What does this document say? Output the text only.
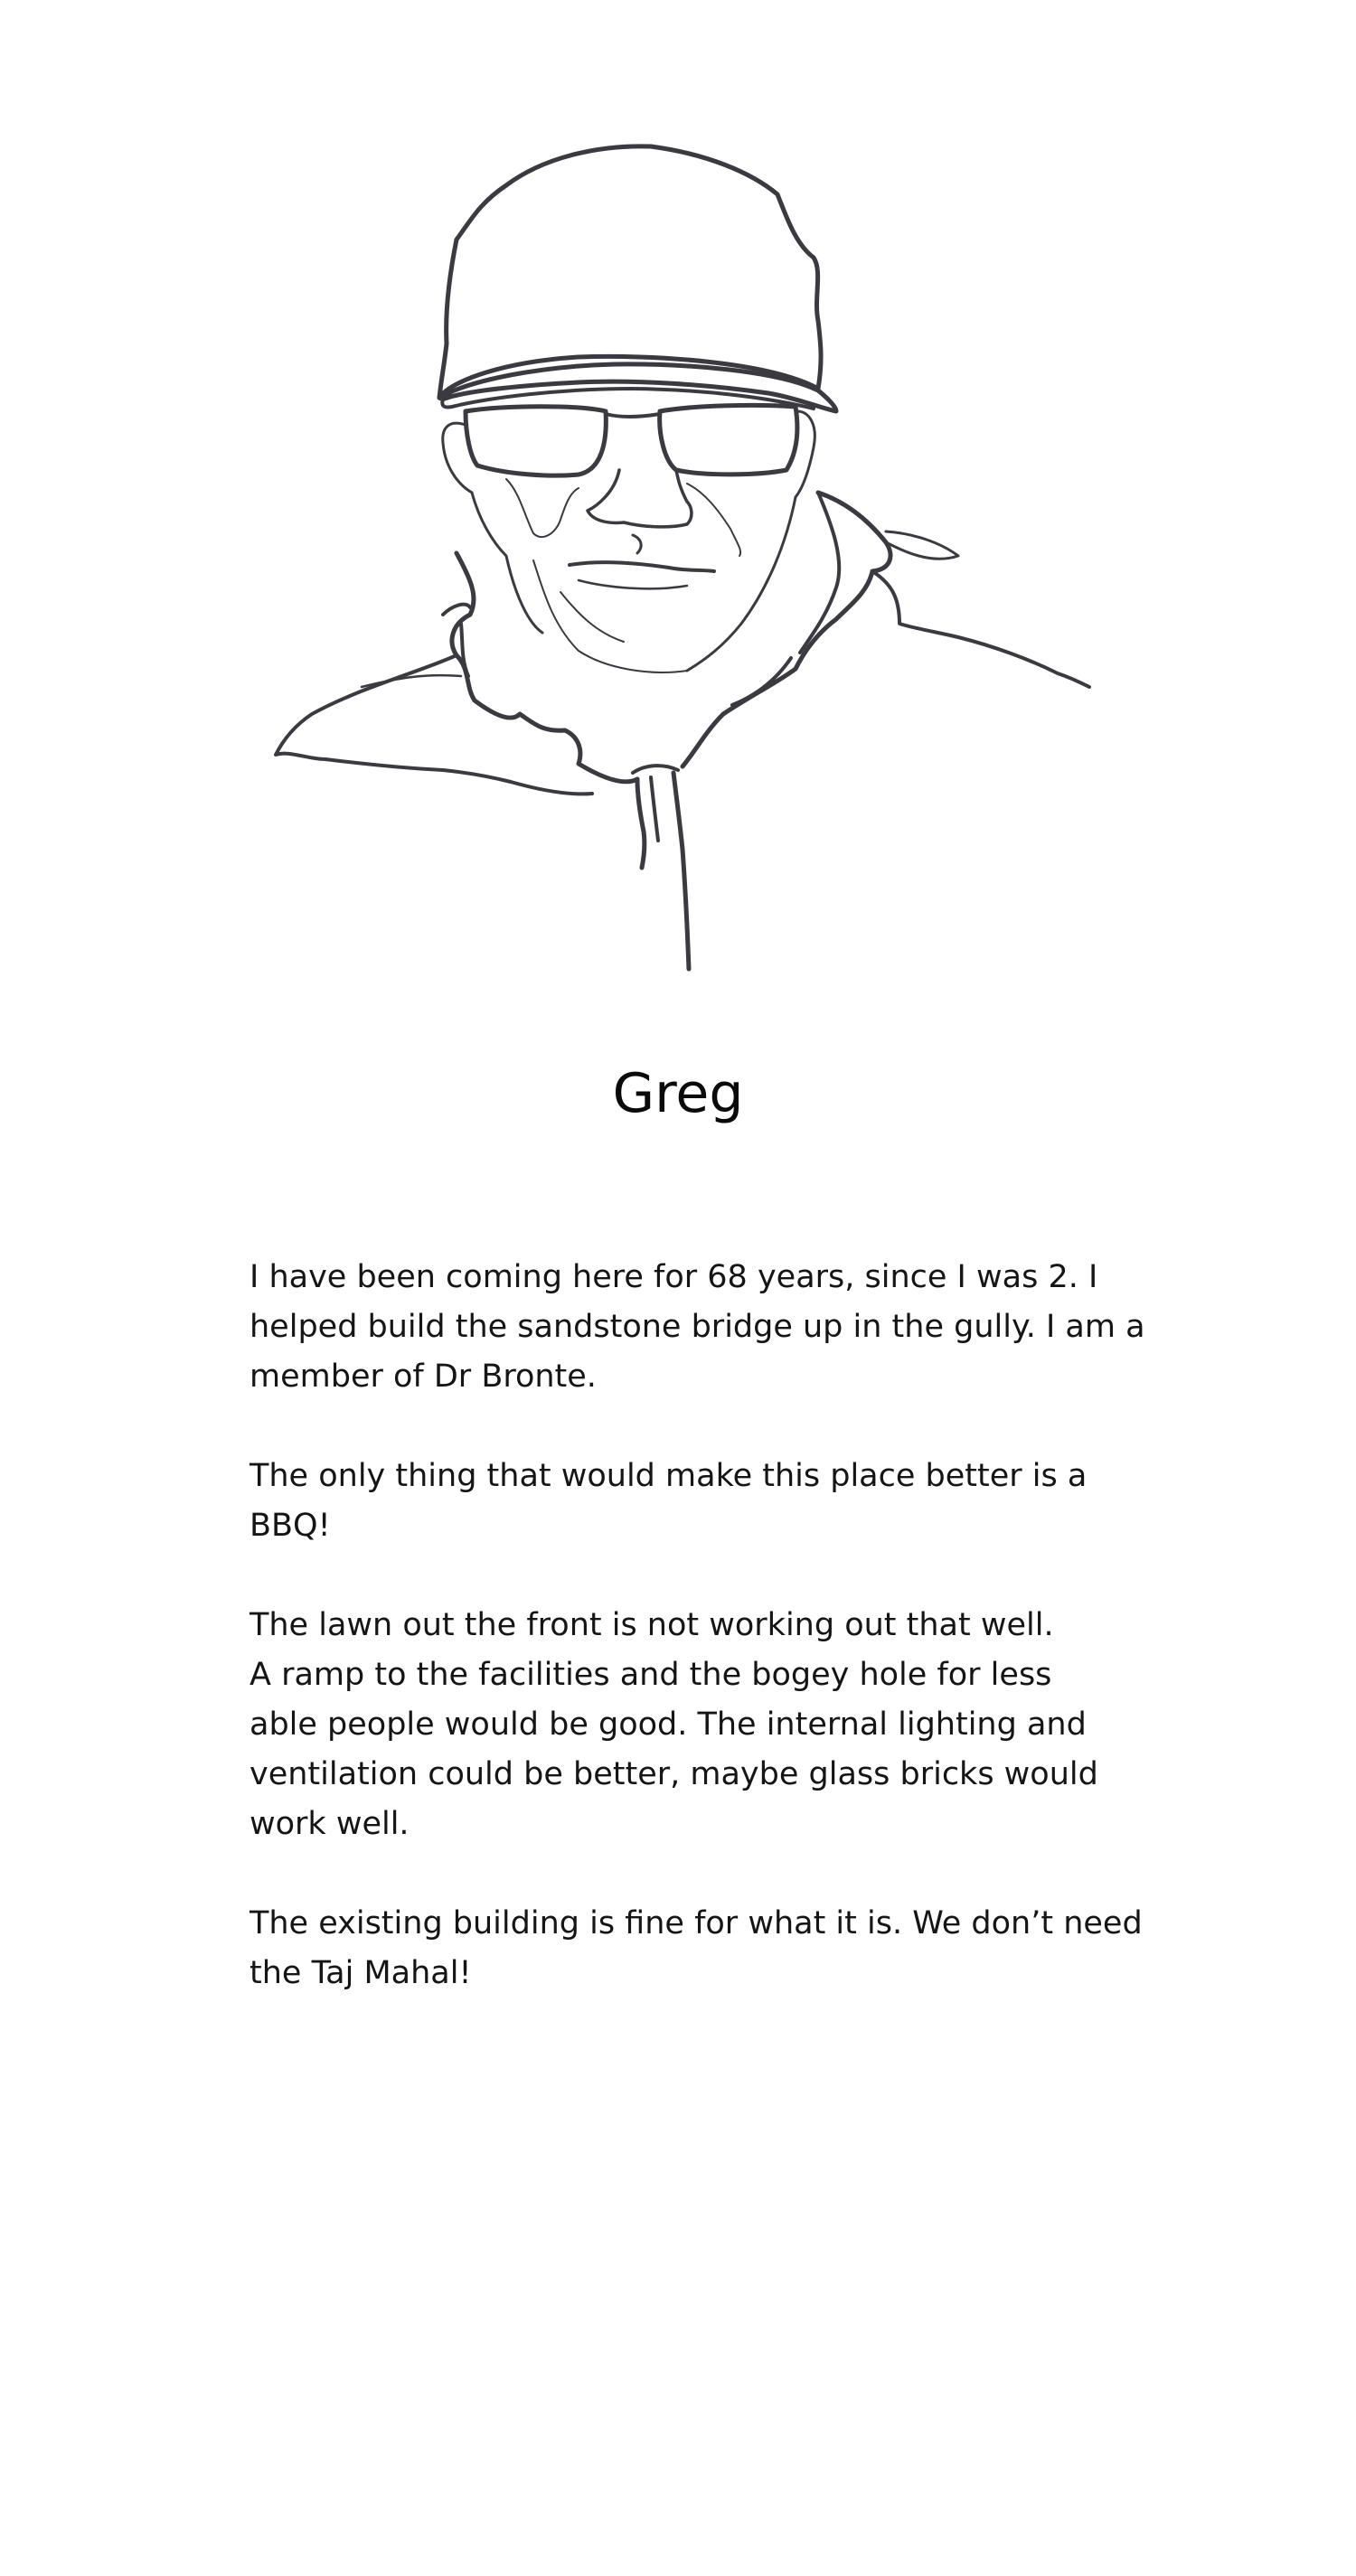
Greg

I have been coming here for 68 years, since I was 2. I
helped build the sandstone bridge up in the gully. I am a
member of Dr Bronte.

The only thing that would make this place better is a
BBQ!

The lawn out the front is not working out that well.
A ramp to the facilities and the bogey hole for less
able people would be good. The internal lighting and
ventilation could be better, maybe glass bricks would
work well.

The existing building is fine for what it is. We don’t need
the Taj Mahal!
